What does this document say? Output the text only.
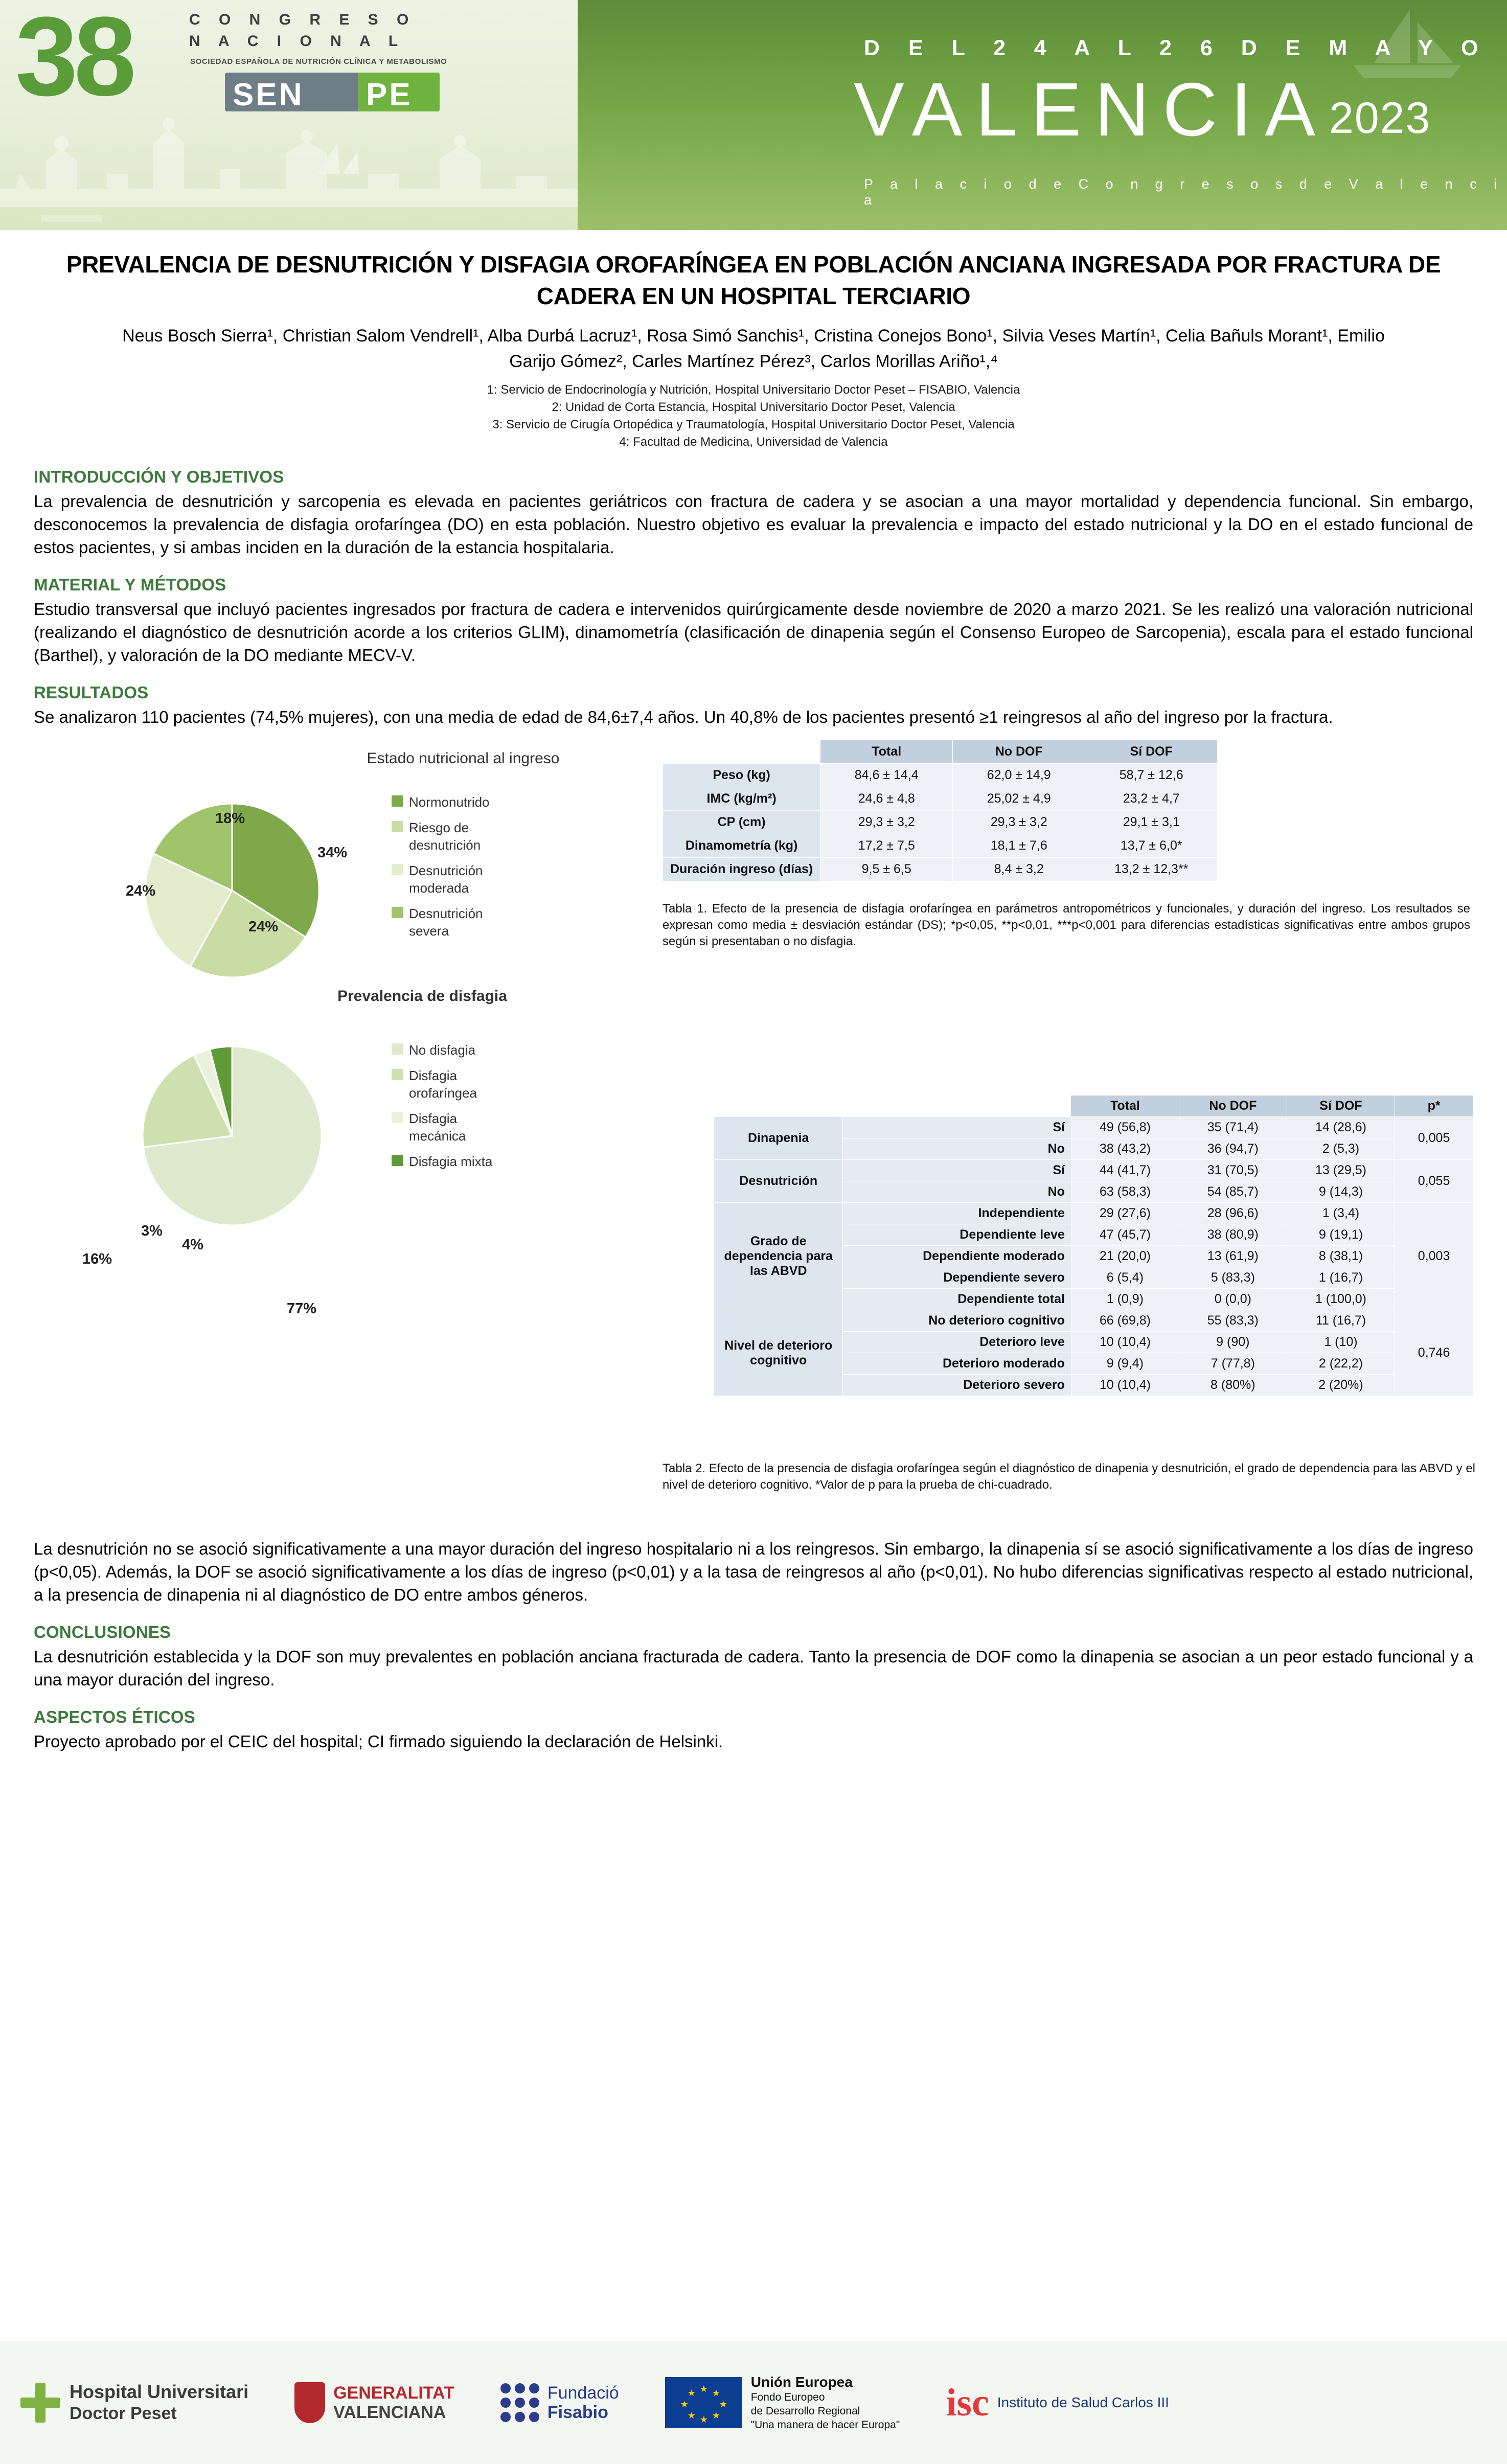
38	C O N G R E S O
N A C I O N A L
SOCIEDAD ESPAÑOLA DE NUTRICIÓN CLÍNICA Y METABOLISMO
SEN PE
D E L 2 4 A L 2 6 D E M A Y O
VALENCIA 2023
P a l a c i o d e C o n g r e s o s d e V a l e n c i a
PREVALENCIA DE DESNUTRICIÓN Y DISFAGIA OROFARÍNGEA EN POBLACIÓN ANCIANA INGRESADA POR FRACTURA DE CADERA EN UN HOSPITAL TERCIARIO
Neus Bosch Sierra¹, Christian Salom Vendrell¹, Alba Durbá Lacruz¹, Rosa Simó Sanchis¹, Cristina Conejos Bono¹, Silvia Veses Martín¹, Celia Bañuls Morant¹, Emilio Garijo Gómez², Carles Martínez Pérez³, Carlos Morillas Ariño¹,⁴
1: Servicio de Endocrinología y Nutrición, Hospital Universitario Doctor Peset – FISABIO, Valencia
2: Unidad de Corta Estancia, Hospital Universitario Doctor Peset, Valencia
3: Servicio de Cirugía Ortopédica y Traumatología, Hospital Universitario Doctor Peset, Valencia
4: Facultad de Medicina, Universidad de Valencia
INTRODUCCIÓN Y OBJETIVOS
La prevalencia de desnutrición y sarcopenia es elevada en pacientes geriátricos con fractura de cadera y se asocian a una mayor mortalidad y dependencia funcional. Sin embargo, desconocemos la prevalencia de disfagia orofaríngea (DO) en esta población. Nuestro objetivo es evaluar la prevalencia e impacto del estado nutricional y la DO en el estado funcional de estos pacientes, y si ambas inciden en la duración de la estancia hospitalaria.
MATERIAL Y MÉTODOS
Estudio transversal que incluyó pacientes ingresados por fractura de cadera e intervenidos quirúrgicamente desde noviembre de 2020 a marzo 2021. Se les realizó una valoración nutricional (realizando el diagnóstico de desnutrición acorde a los criterios GLIM), dinamometría (clasificación de dinapenia según el Consenso Europeo de Sarcopenia), escala para el estado funcional (Barthel), y valoración de la DO mediante MECV-V.
RESULTADOS
Se analizaron 110 pacientes (74,5% mujeres), con una media de edad de 84,6±7,4 años. Un 40,8% de los pacientes presentó ≥1 reingresos al año del ingreso por la fractura.
Estado nutricional al ingreso
34%
24%
24%
18%
Normonutrido
Riesgo de desnutrición
Desnutrición moderada
Desnutrición severa
Prevalencia de disfagia
77%
16%
3%
4%
No disfagia
Disfagia orofaríngea
Disfagia mecánica
Disfagia mixta
	Total	No DOF	Sí DOF
Peso (kg)	84,6 ± 14,4	62,0 ± 14,9	58,7 ± 12,6
IMC (kg/m²)	24,6 ± 4,8	25,02 ± 4,9	23,2 ± 4,7
CP (cm)	29,3 ± 3,2	29,3 ± 3,2	29,1 ± 3,1
Dinamometría (kg)	17,2 ± 7,5	18,1 ± 7,6	13,7 ± 6,0*
Duración ingreso (días)	9,5 ± 6,5	8,4 ± 3,2	13,2 ± 12,3**
Tabla 1. Efecto de la presencia de disfagia orofaríngea en parámetros antropométricos y funcionales, y duración del ingreso. Los resultados se expresan como media ± desviación estándar (DS); *p<0,05, **p<0,01, ***p<0,001 para diferencias estadísticas significativas entre ambos grupos según si presentaban o no disfagia.
		Total	No DOF	Sí DOF	p*
Dinapenia	Sí	49 (56,8)	35 (71,4)	14 (28,6)	0,005
	No	38 (43,2)	36 (94,7)	2 (5,3)	
Desnutrición	Sí	44 (41,7)	31 (70,5)	13 (29,5)	0,055
	No	63 (58,3)	54 (85,7)	9 (14,3)	
Grado de dependencia para las ABVD	Independiente	29 (27,6)	28 (96,6)	1 (3,4)	0,003
	Dependiente leve	47 (45,7)	38 (80,9)	9 (19,1)	
	Dependiente moderado	21 (20,0)	13 (61,9)	8 (38,1)	
	Dependiente severo	6 (5,4)	5 (83,3)	1 (16,7)	
	Dependiente total	1 (0,9)	0 (0,0)	1 (100,0)	
Nivel de deterioro cognitivo	No deterioro cognitivo	66 (69,8)	55 (83,3)	11 (16,7)	0,746
	Deterioro leve	10 (10,4)	9 (90)	1 (10)	
	Deterioro moderado	9 (9,4)	7 (77,8)	2 (22,2)	
	Deterioro severo	10 (10,4)	8 (80%)	2 (20%)	
Tabla 2. Efecto de la presencia de disfagia orofaríngea según el diagnóstico de dinapenia y desnutrición, el grado de dependencia para las ABVD y el nivel de deterioro cognitivo. *Valor de p para la prueba de chi-cuadrado.
La desnutrición no se asoció significativamente a una mayor duración del ingreso hospitalario ni a los reingresos. Sin embargo, la dinapenia sí se asoció significativamente a los días de ingreso (p<0,05). Además, la DOF se asoció significativamente a los días de ingreso (p<0,01) y a la tasa de reingresos al año (p<0,01). No hubo diferencias significativas respecto al estado nutricional, a la presencia de dinapenia ni al diagnóstico de DO entre ambos géneros.
CONCLUSIONES
La desnutrición establecida y la DOF son muy prevalentes en población anciana fracturada de cadera. Tanto la presencia de DOF como la dinapenia se asocian a un peor estado funcional y a una mayor duración del ingreso.
ASPECTOS ÉTICOS
Proyecto aprobado por el CEIC del hospital; CI firmado siguiendo la declaración de Helsinki.
Hospital Universitari
Doctor Peset
GENERALITAT
VALENCIANA
Fundació
Fisabio
★ ★
★
★
★
★
★
★
Unión Europea
Fondo Europeo
de Desarrollo Regional
"Una manera de hacer Europa"
isc Instituto de Salud Carlos III
